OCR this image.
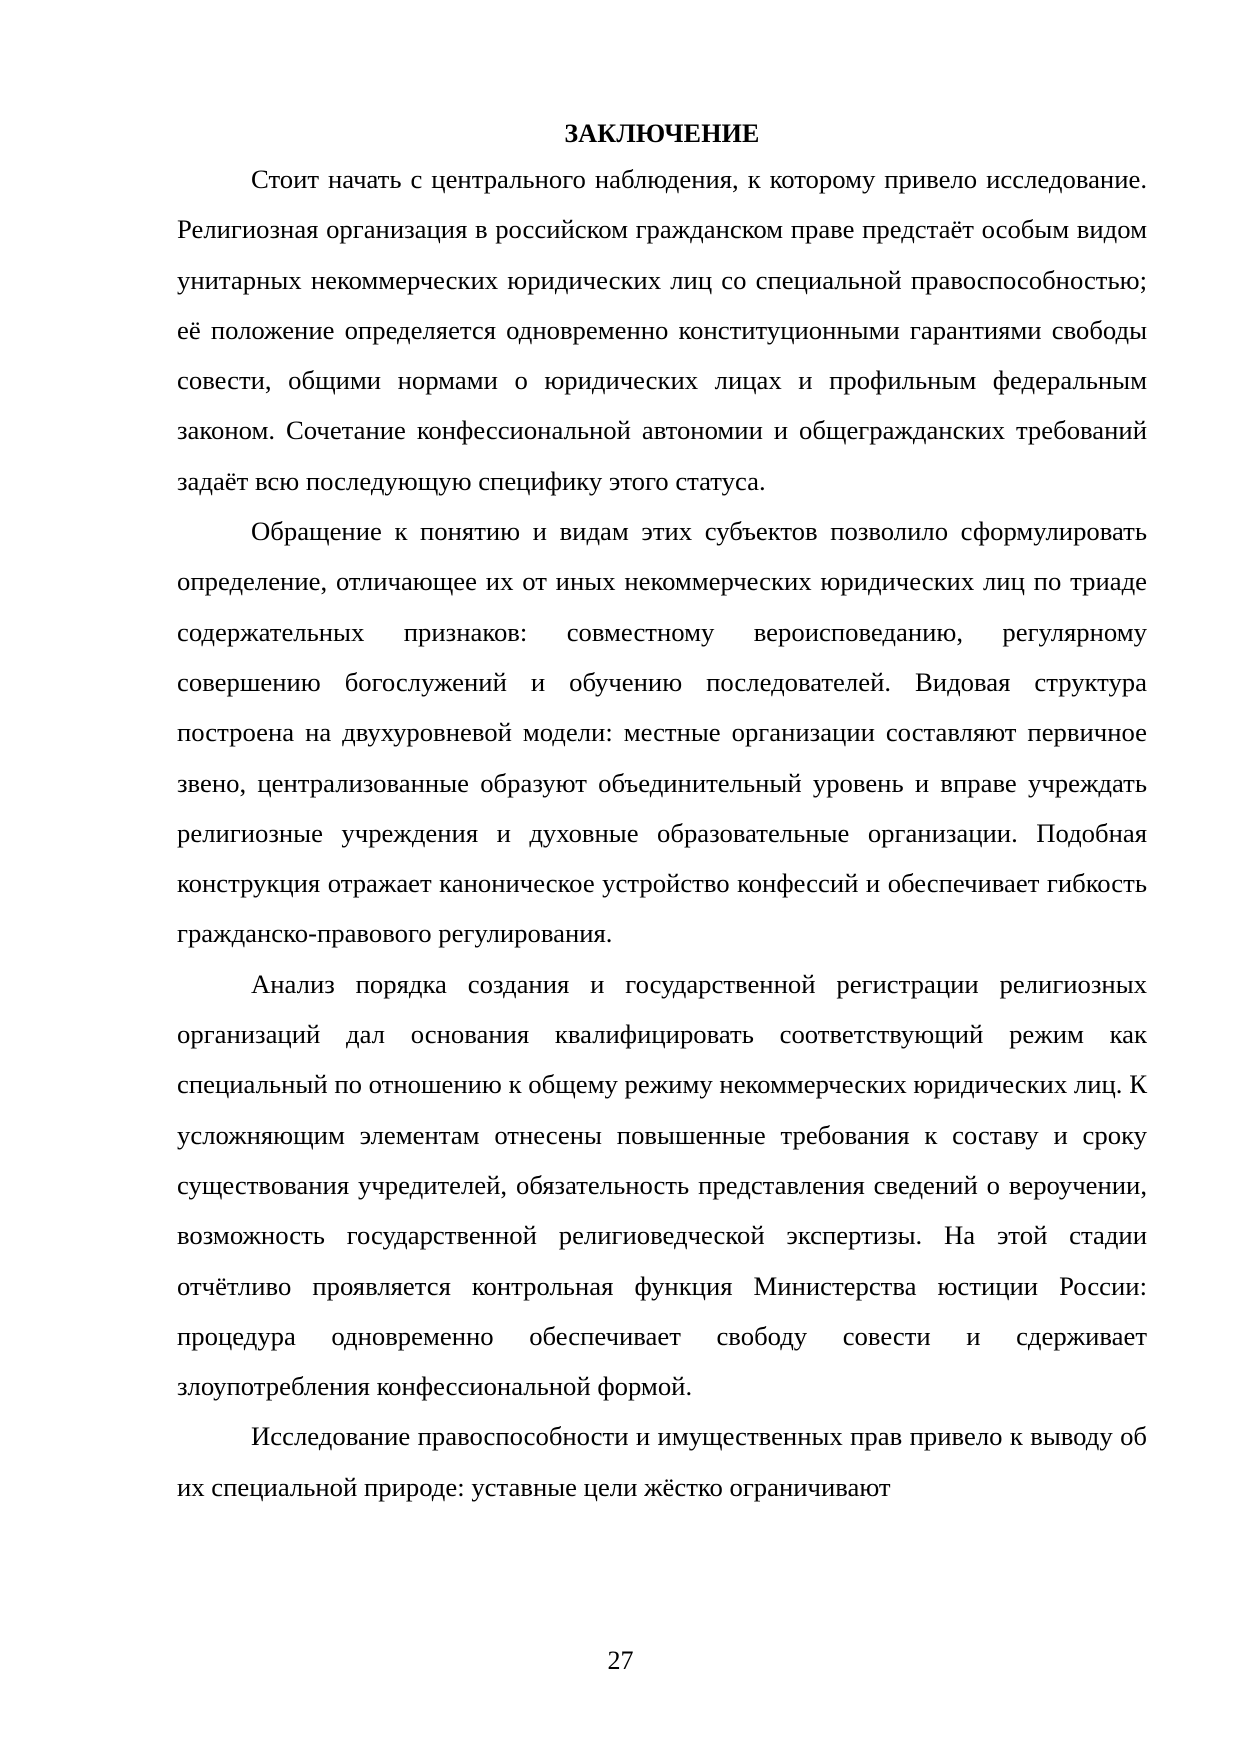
ЗАКЛЮЧЕНИЕ

Стоит начать с центрального наблюдения, к которому привело исследование. Религиозная организация в российском гражданском праве предстаёт особым видом унитарных некоммерческих юридических лиц со специальной правоспособностью; её положение определяется одновременно конституционными гарантиями свободы совести, общими нормами о юридических лицах и профильным федеральным законом. Сочетание конфессиональной автономии и общегражданских требований задаёт всю последующую специфику этого статуса.

Обращение к понятию и видам этих субъектов позволило сформулировать определение, отличающее их от иных некоммерческих юридических лиц по триаде содержательных признаков: совместному вероисповеданию, регулярному совершению богослужений и обучению последователей. Видовая структура построена на двухуровневой модели: местные организации составляют первичное звено, централизованные образуют объединительный уровень и вправе учреждать религиозные учреждения и духовные образовательные организации. Подобная конструкция отражает каноническое устройство конфессий и обеспечивает гибкость гражданско-правового регулирования.

Анализ порядка создания и государственной регистрации религиозных организаций дал основания квалифицировать соответствующий режим как специальный по отношению к общему режиму некоммерческих юридических лиц. К усложняющим элементам отнесены повышенные требования к составу и сроку существования учредителей, обязательность представления сведений о вероучении, возможность государственной религиоведческой экспертизы. На этой стадии отчётливо проявляется контрольная функция Министерства юстиции России: процедура одновременно обеспечивает свободу совести и сдерживает злоупотребления конфессиональной формой.

Исследование правоспособности и имущественных прав привело к выводу об их специальной природе: уставные цели жёстко ограничивают

27
